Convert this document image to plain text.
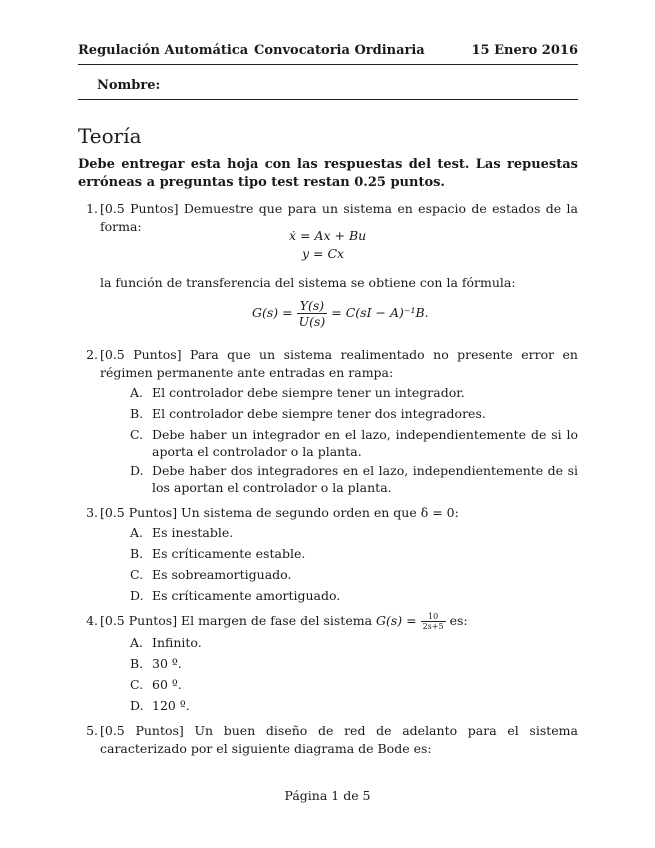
Regulación Automática Convocatoria Ordinaria	15 Enero 2016
Nombre:
Teoría
Debe entregar esta hoja con las respuestas del test. Las repuestas erróneas a preguntas tipo test restan 0.25 puntos.
1. [0.5 Puntos] Demuestre que para un sistema en espacio de estados de la forma:
ẋ = Ax + Bu
y = Cx
la función de transferencia del sistema se obtiene con la fórmula:
$G(s) = \frac{Y(s)}{U(s)} = C(sI - A)^{-1}B$.
2. [0.5 Puntos] Para que un sistema realimentado no presente error en régimen permanente ante entradas en rampa:
A. El controlador debe siempre tener un integrador.
B. El controlador debe siempre tener dos integradores.
C. Debe haber un integrador en el lazo, independientemente de si lo aporta el controlador o la planta.
D. Debe haber dos integradores en el lazo, independientemente de si los aportan el controlador o la planta.
3. [0.5 Puntos] Un sistema de segundo orden en que δ = 0:
A. Es inestable.
B. Es críticamente estable.
C. Es sobreamortiguado.
D. Es críticamente amortiguado.
4. [0.5 Puntos] El margen de fase del sistema $G(s) = \frac{10}{2s+5}$ es:
A. Infinito.
B. 30 º.
C. 60 º.
D. 120 º.
5. [0.5 Puntos] Un buen diseño de red de adelanto para el sistema caracterizado por el siguiente diagrama de Bode es:
Página 1 de 5
